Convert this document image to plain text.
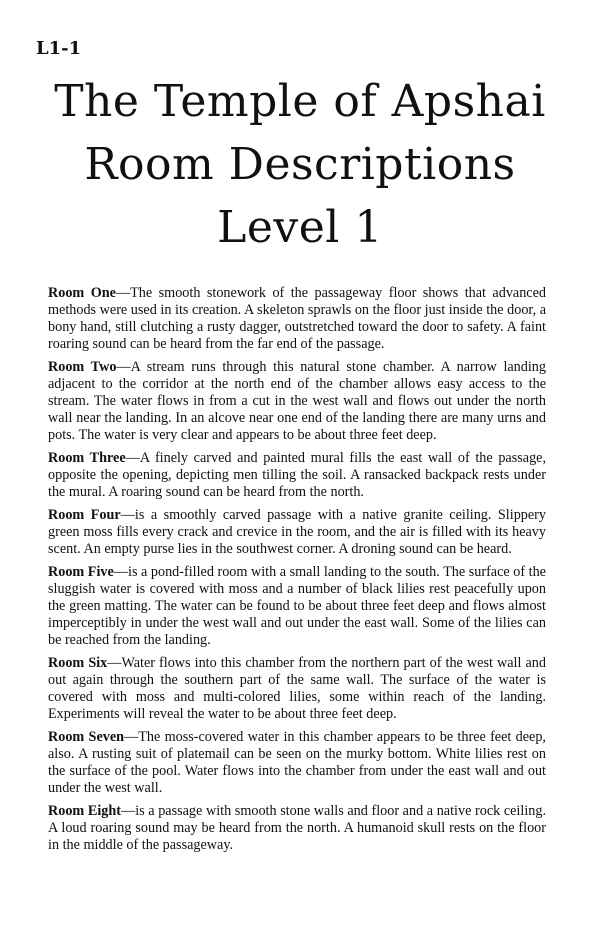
L1-1
The Temple of Apshai
Room Descriptions
Level 1

Room One—The smooth stonework of the passageway floor shows that advanced methods were used in its creation. A skeleton sprawls on the floor just inside the door, a bony hand, still clutching a rusty dagger, outstretched toward the door to safety. A faint roaring sound can be heard from the far end of the passage.

Room Two—A stream runs through this natural stone chamber. A narrow landing adjacent to the corridor at the north end of the chamber allows easy access to the stream. The water flows in from a cut in the west wall and flows out under the north wall near the landing. In an alcove near one end of the landing there are many urns and pots. The water is very clear and appears to be about three feet deep.

Room Three—A finely carved and painted mural fills the east wall of the passage, opposite the opening, depicting men tilling the soil. A ransacked backpack rests under the mural. A roaring sound can be heard from the north.

Room Four—is a smoothly carved passage with a native granite ceiling. Slippery green moss fills every crack and crevice in the room, and the air is filled with its heavy scent. An empty purse lies in the southwest corner. A droning sound can be heard.

Room Five—is a pond-filled room with a small landing to the south. The surface of the sluggish water is covered with moss and a number of black lilies rest peacefully upon the green matting. The water can be found to be about three feet deep and flows almost imperceptibly in under the west wall and out under the east wall. Some of the lilies can be reached from the landing.

Room Six—Water flows into this chamber from the northern part of the west wall and out again through the southern part of the same wall. The surface of the water is covered with moss and multi-colored lilies, some within reach of the landing. Experiments will reveal the water to be about three feet deep.

Room Seven—The moss-covered water in this chamber appears to be three feet deep, also. A rusting suit of platemail can be seen on the murky bottom. White lilies rest on the surface of the pool. Water flows into the chamber from under the east wall and out under the west wall.

Room Eight—is a passage with smooth stone walls and floor and a native rock ceiling. A loud roaring sound may be heard from the north. A humanoid skull rests on the floor in the middle of the passageway.
